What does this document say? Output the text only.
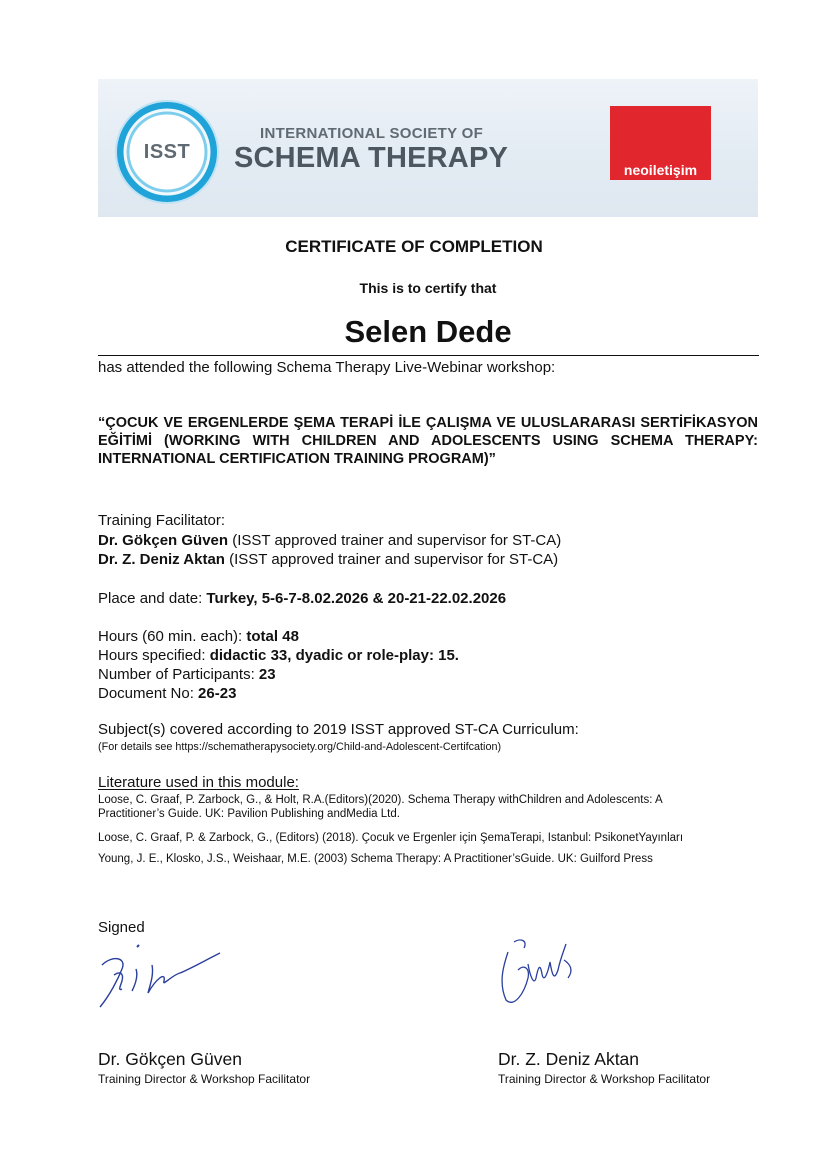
ISST
INTERNATIONAL SOCIETY OF
SCHEMA THERAPY	neoiletişim
CERTIFICATE OF COMPLETION
This is to certify that
Selen Dede
has attended the following Schema Therapy Live-Webinar workshop:
“ÇOCUK VE ERGENLERDE ŞEMA TERAPİ İLE ÇALIŞMA VE ULUSLARARASI SERTİFİKASYON EĞİTİMİ (WORKING WITH CHILDREN AND ADOLESCENTS USING SCHEMA THERAPY: INTERNATIONAL CERTIFICATION TRAINING PROGRAM)”
Training Facilitator:
Dr. Gökçen Güven (ISST approved trainer and supervisor for ST-CA)
Dr. Z. Deniz Aktan (ISST approved trainer and supervisor for ST-CA)
Place and date: Turkey, 5-6-7-8.02.2026 & 20-21-22.02.2026
Hours (60 min. each): total 48
Hours specified: didactic 33, dyadic or role-play: 15.
Number of Participants: 23
Document No: 26-23
Subject(s) covered according to 2019 ISST approved ST-CA Curriculum:
(For details see https://schematherapysociety.org/Child-and-Adolescent-Certifcation)
Literature used in this module:
Loose, C. Graaf, P. Zarbock, G., & Holt, R.A.(Editors)(2020). Schema Therapy withChildren and Adolescents: A
Practitioner’s Guide. UK: Pavilion Publishing andMedia Ltd.
Loose, C. Graaf, P. & Zarbock, G., (Editors) (2018). Çocuk ve Ergenler için ŞemaTerapi, Istanbul: PsikonetYayınları
Young, J. E., Klosko, J.S., Weishaar, M.E. (2003) Schema Therapy: A Practitioner’sGuide. UK: Guilford Press
Signed
Dr. Gökçen Güven
Training Director & Workshop Facilitator
Dr. Z. Deniz Aktan
Training Director & Workshop Facilitator
